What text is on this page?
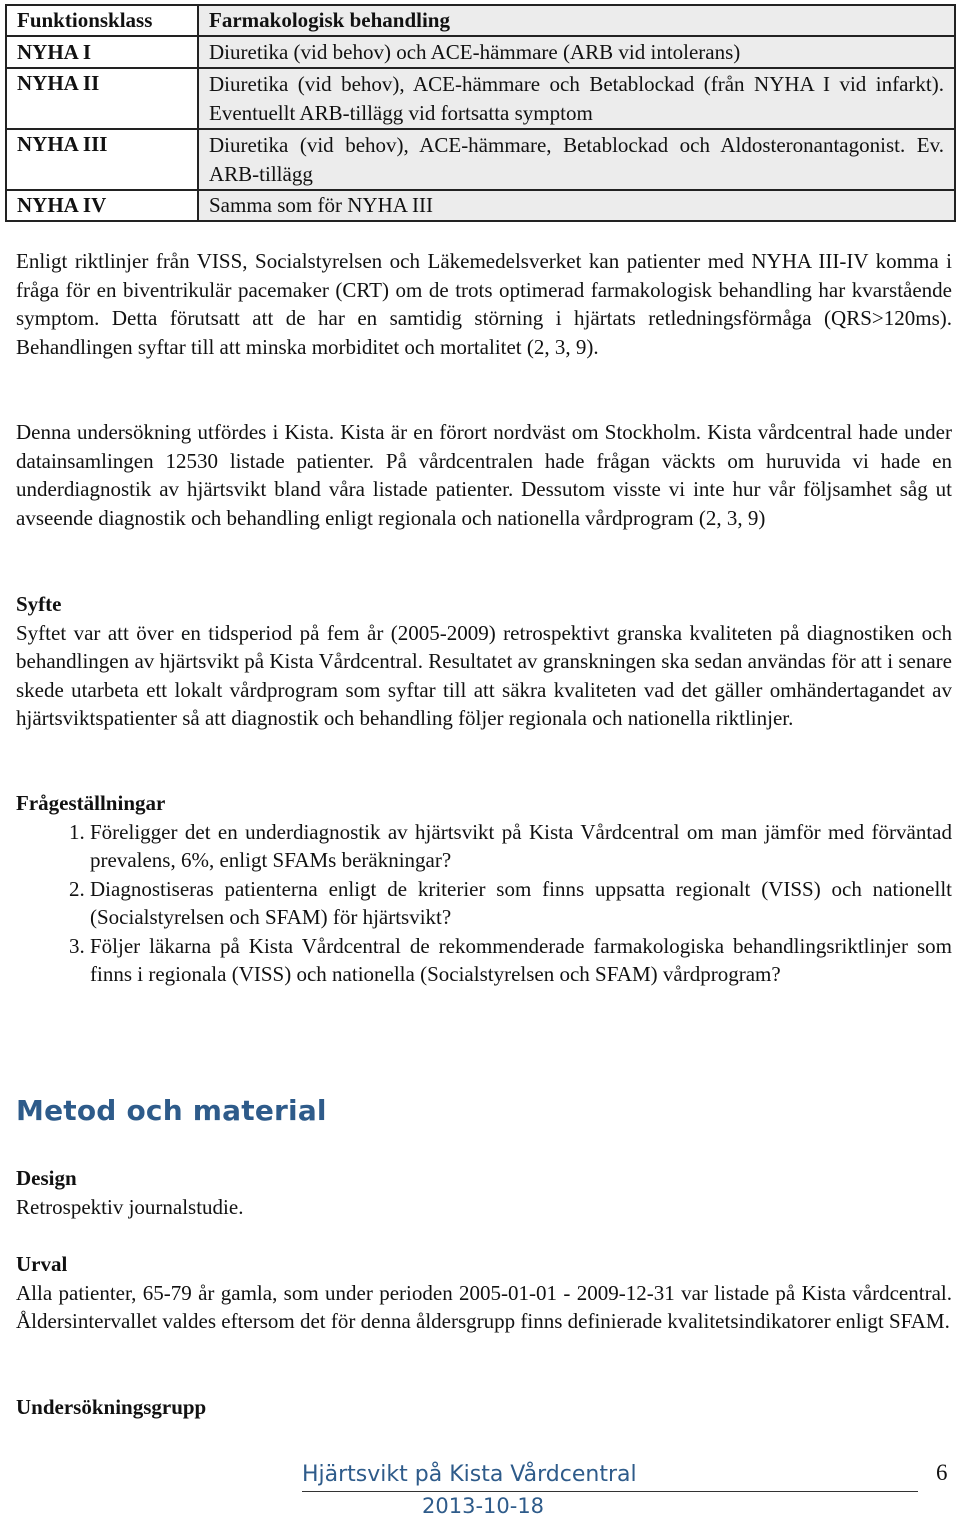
Funktionsklass	Farmakologisk behandling
NYHA I	Diuretika (vid behov) och ACE-hämmare (ARB vid intolerans)
NYHA II	Diuretika (vid behov), ACE-hämmare och Betablockad (från NYHA I vid infarkt). Eventuellt ARB-tillägg vid fortsatta symptom
NYHA III	Diuretika (vid behov), ACE-hämmare, Betablockad och Aldosteronantagonist. Ev. ARB-tillägg
NYHA IV	Samma som för NYHA III

Enligt riktlinjer från VISS, Socialstyrelsen och Läkemedelsverket kan patienter med NYHA III-IV komma i fråga för en biventrikulär pacemaker (CRT) om de trots optimerad farmakologisk behandling har kvarstående symptom. Detta förutsatt att de har en samtidig störning i hjärtats retledningsförmåga (QRS>120ms). Behandlingen syftar till att minska morbiditet och mortalitet (2, 3, 9).

Denna undersökning utfördes i Kista. Kista är en förort nordväst om Stockholm. Kista vårdcentral hade under datainsamlingen 12530 listade patienter. På vårdcentralen hade frågan väckts om huruvida vi hade en underdiagnostik av hjärtsvikt bland våra listade patienter. Dessutom visste vi inte hur vår följsamhet såg ut avseende diagnostik och behandling enligt regionala och nationella vårdprogram (2, 3, 9)

Syfte

Syftet var att över en tidsperiod på fem år (2005-2009) retrospektivt granska kvaliteten på diagnostiken och behandlingen av hjärtsvikt på Kista Vårdcentral. Resultatet av granskningen ska sedan användas för att i senare skede utarbeta ett lokalt vårdprogram som syftar till att säkra kvaliteten vad det gäller omhändertagandet av hjärtsviktspatienter så att diagnostik och behandling följer regionala och nationella riktlinjer.

Frågeställningar

1. Föreligger det en underdiagnostik av hjärtsvikt på Kista Vårdcentral om man jämför med förväntad prevalens, 6%, enligt SFAMs beräkningar?
2. Diagnostiseras patienterna enligt de kriterier som finns uppsatta regionalt (VISS) och nationellt (Socialstyrelsen och SFAM) för hjärtsvikt?
3. Följer läkarna på Kista Vårdcentral de rekommenderade farmakologiska behandlingsriktlinjer som finns i regionala (VISS) och nationella (Socialstyrelsen och SFAM) vårdprogram?
Metod och material

Design

Retrospektiv journalstudie.

Urval

Alla patienter, 65-79 år gamla, som under perioden 2005-01-01 - 2009-12-31 var listade på Kista vårdcentral. Åldersintervallet valdes eftersom det för denna åldersgrupp finns definierade kvalitetsindikatorer enligt SFAM.

Undersökningsgrupp

Hjärtsvikt på Kista Vårdcentral	6
2013-10-18
